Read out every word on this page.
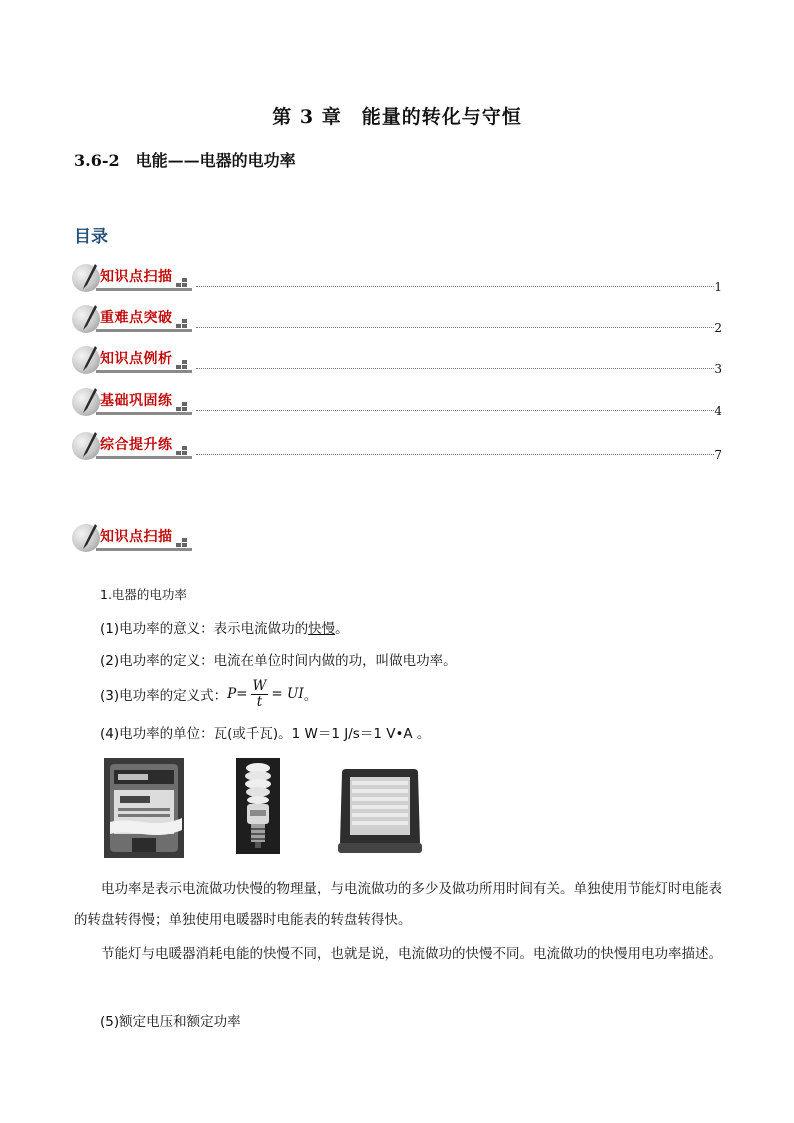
第 3 章　能量的转化与守恒
3.6-2　电能——电器的电功率
目录
知识点扫描
1
重难点突破
2
知识点例析
3
基础巩固练
4
综合提升练
7
知识点扫描
1.电器的电功率
(1)电功率的意义：表示电流做功的快慢。
(2)电功率的定义：电流在单位时间内做的功，叫做电功率。
(3)电功率的定义式： $P = \frac{W}{t}$ = UI 。
(4)电功率的单位：瓦(或千瓦)。1 W＝1 J/s＝1 V•A 。
电功率是表示电流做功快慢的物理量，与电流做功的多少及做功所用时间有关。单独使用节能灯时电能表的转盘转得慢；单独使用电暖器时电能表的转盘转得快。
节能灯与电暖器消耗电能的快慢不同，也就是说，电流做功的快慢不同。电流做功的快慢用电功率描述。
(5)额定电压和额定功率
